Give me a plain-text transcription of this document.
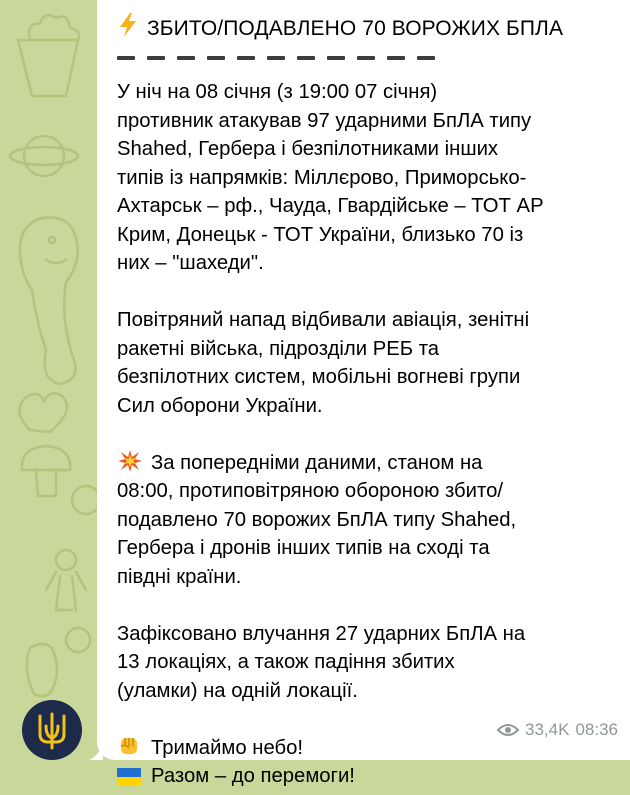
ЗБИТО/ПОДАВЛЕНО 70 ВОРОЖИХ БПЛА
У ніч на 08 січня (з 19:00 07 січня)
противник атакував 97 ударними БпЛА типу
Shahed, Гербера і безпілотниками інших
типів із напрямків: Міллєрово, Приморсько-
Ахтарськ – рф., Чауда, Гвардійське – ТОТ АР
Крим, Донецьк - ТОТ України, близько 70 із
них – "шахеди".
Повітряний напад відбивали авіація, зенітні
ракетні війська, підрозділи РЕБ та
безпілотних систем, мобільні вогневі групи
Сил оборони України.
За попередніми даними, станом на
08:00, протиповітряною обороною збито/
подавлено 70 ворожих БпЛА типу Shahed,
Гербера і дронів інших типів на сході та
півдні країни.
Зафіксовано влучання 27 ударних БпЛА на
13 локаціях, а також падіння збитих
(уламки) на одній локації.
Тримаймо небо!
Разом – до перемоги!
33,4K 08:36
